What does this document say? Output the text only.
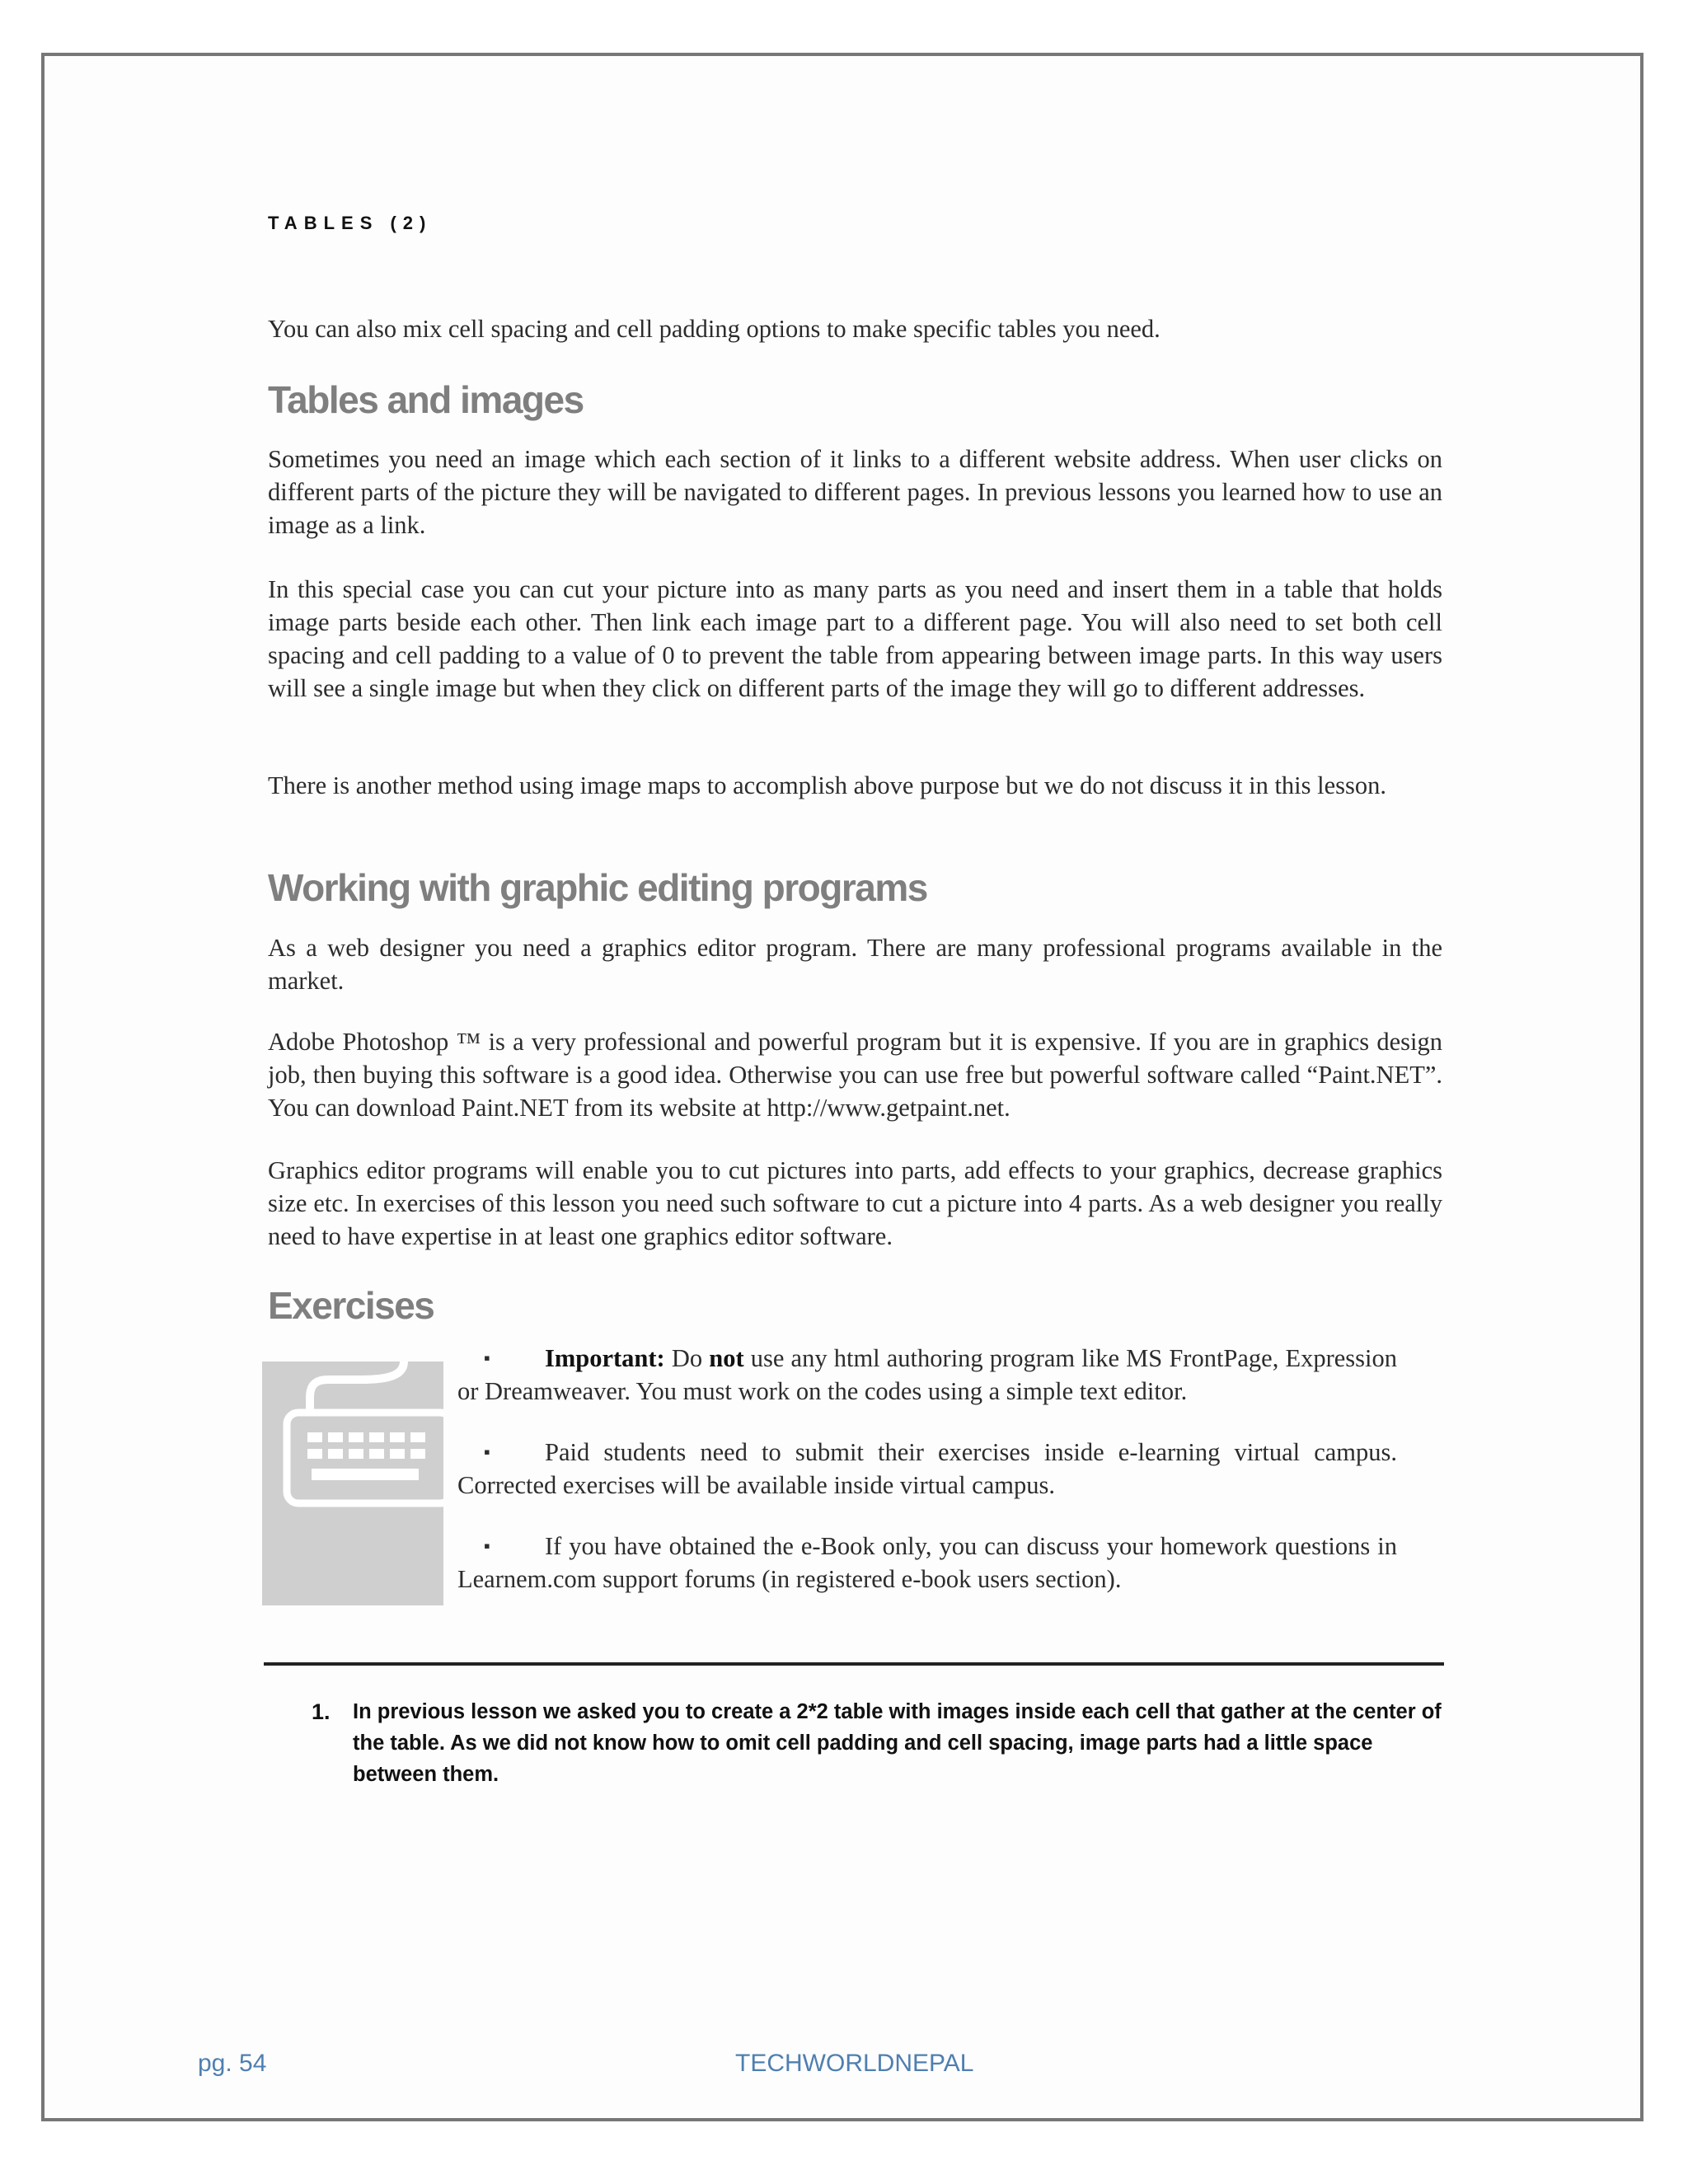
TABLES (2)

You can also mix cell spacing and cell padding options to make specific tables you need.

Tables and images

Sometimes you need an image which each section of it links to a different website address. When user clicks on different parts of the picture they will be navigated to different pages. In previous lessons you learned how to use an image as a link.

In this special case you can cut your picture into as many parts as you need and insert them in a table that holds image parts beside each other. Then link each image part to a different page. You will also need to set both cell spacing and cell padding to a value of 0 to prevent the table from appearing between image parts. In this way users will see a single image but when they click on different parts of the image they will go to different addresses.

There is another method using image maps to accomplish above purpose but we do not discuss it in this lesson.

Working with graphic editing programs

As a web designer you need a graphics editor program. There are many professional programs available in the market.

Adobe Photoshop ™ is a very professional and powerful program but it is expensive. If you are in graphics design job, then buying this software is a good idea. Otherwise you can use free but powerful software called “Paint.NET”. You can download Paint.NET from its website at http://www.getpaint.net.

Graphics editor programs will enable you to cut pictures into parts, add effects to your graphics, decrease graphics size etc. In exercises of this lesson you need such software to cut a picture into 4 parts. As a web designer you really need to have expertise in at least one graphics editor software.

Exercises

▪ Important: Do not use any html authoring program like MS FrontPage, Expression or Dreamweaver. You must work on the codes using a simple text editor.

▪ Paid students need to submit their exercises inside e-learning virtual campus. Corrected exercises will be available inside virtual campus.

▪ If you have obtained the e-Book only, you can discuss your homework questions in Learnem.com support forums (in registered e-book users section).

1. In previous lesson we asked you to create a 2*2 table with images inside each cell that gather at the center of the table. As we did not know how to omit cell padding and cell spacing, image parts had a little space between them.
pg. 54	TECHWORLDNEPAL
